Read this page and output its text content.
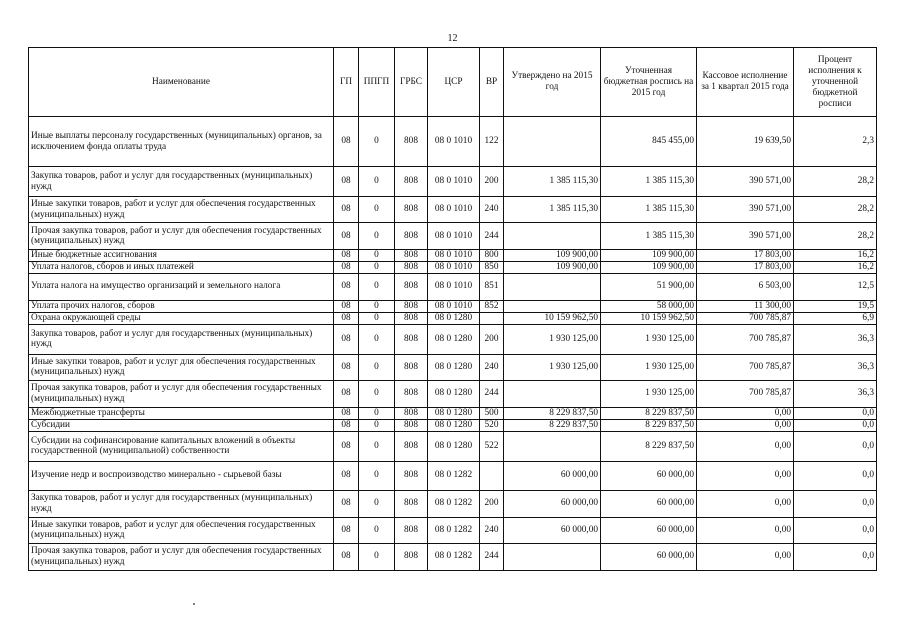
12
Наименование	ГП	ППГП	ГРБС	ЦСР	ВР	Утверждено на 2015 год	Уточненная бюджетная роспись на 2015 год	Кассовое исполнение за 1 квартал 2015 года	Процент исполнения к уточненной бюджетной росписи
Иные выплаты персоналу государственных (муниципальных) органов, за исключением фонда оплаты труда	08	0	808	08 0 1010	122		845 455,00	19 639,50	2,3
Закупка товаров, работ и услуг для государственных (муниципальных) нужд	08	0	808	08 0 1010	200	1 385 115,30	1 385 115,30	390 571,00	28,2
Иные закупки товаров, работ и услуг для обеспечения государственных (муниципальных) нужд	08	0	808	08 0 1010	240	1 385 115,30	1 385 115,30	390 571,00	28,2
Прочая закупка товаров, работ и услуг для обеспечения государственных (муниципальных) нужд	08	0	808	08 0 1010	244		1 385 115,30	390 571,00	28,2
Иные бюджетные ассигнования	08	0	808	08 0 1010	800	109 900,00	109 900,00	17 803,00	16,2
Уплата налогов, сборов и иных платежей	08	0	808	08 0 1010	850	109 900,00	109 900,00	17 803,00	16,2
Уплата налога на имущество организаций и земельного налога	08	0	808	08 0 1010	851		51 900,00	6 503,00	12,5
Уплата прочих налогов, сборов	08	0	808	08 0 1010	852		58 000,00	11 300,00	19,5
Охрана окружающей среды	08	0	808	08 0 1280		10 159 962,50	10 159 962,50	700 785,87	6,9
Закупка товаров, работ и услуг для государственных (муниципальных) нужд	08	0	808	08 0 1280	200	1 930 125,00	1 930 125,00	700 785,87	36,3
Иные закупки товаров, работ и услуг для обеспечения государственных (муниципальных) нужд	08	0	808	08 0 1280	240	1 930 125,00	1 930 125,00	700 785,87	36,3
Прочая закупка товаров, работ и услуг для обеспечения государственных (муниципальных) нужд	08	0	808	08 0 1280	244		1 930 125,00	700 785,87	36,3
Межбюджетные трансферты	08	0	808	08 0 1280	500	8 229 837,50	8 229 837,50	0,00	0,0
Субсидии	08	0	808	08 0 1280	520	8 229 837,50	8 229 837,50	0,00	0,0
Субсидии на софинансирование капитальных вложений в объекты государственной (муниципальной) собственности	08	0	808	08 0 1280	522		8 229 837,50	0,00	0,0
Изучение недр и воспроизводство минерально - сырьевой базы	08	0	808	08 0 1282		60 000,00	60 000,00	0,00	0,0
Закупка товаров, работ и услуг для государственных (муниципальных) нужд	08	0	808	08 0 1282	200	60 000,00	60 000,00	0,00	0,0
Иные закупки товаров, работ и услуг для обеспечения государственных (муниципальных) нужд	08	0	808	08 0 1282	240	60 000,00	60 000,00	0,00	0,0
Прочая закупка товаров, работ и услуг для обеспечения государственных (муниципальных) нужд	08	0	808	08 0 1282	244		60 000,00	0,00	0,0
